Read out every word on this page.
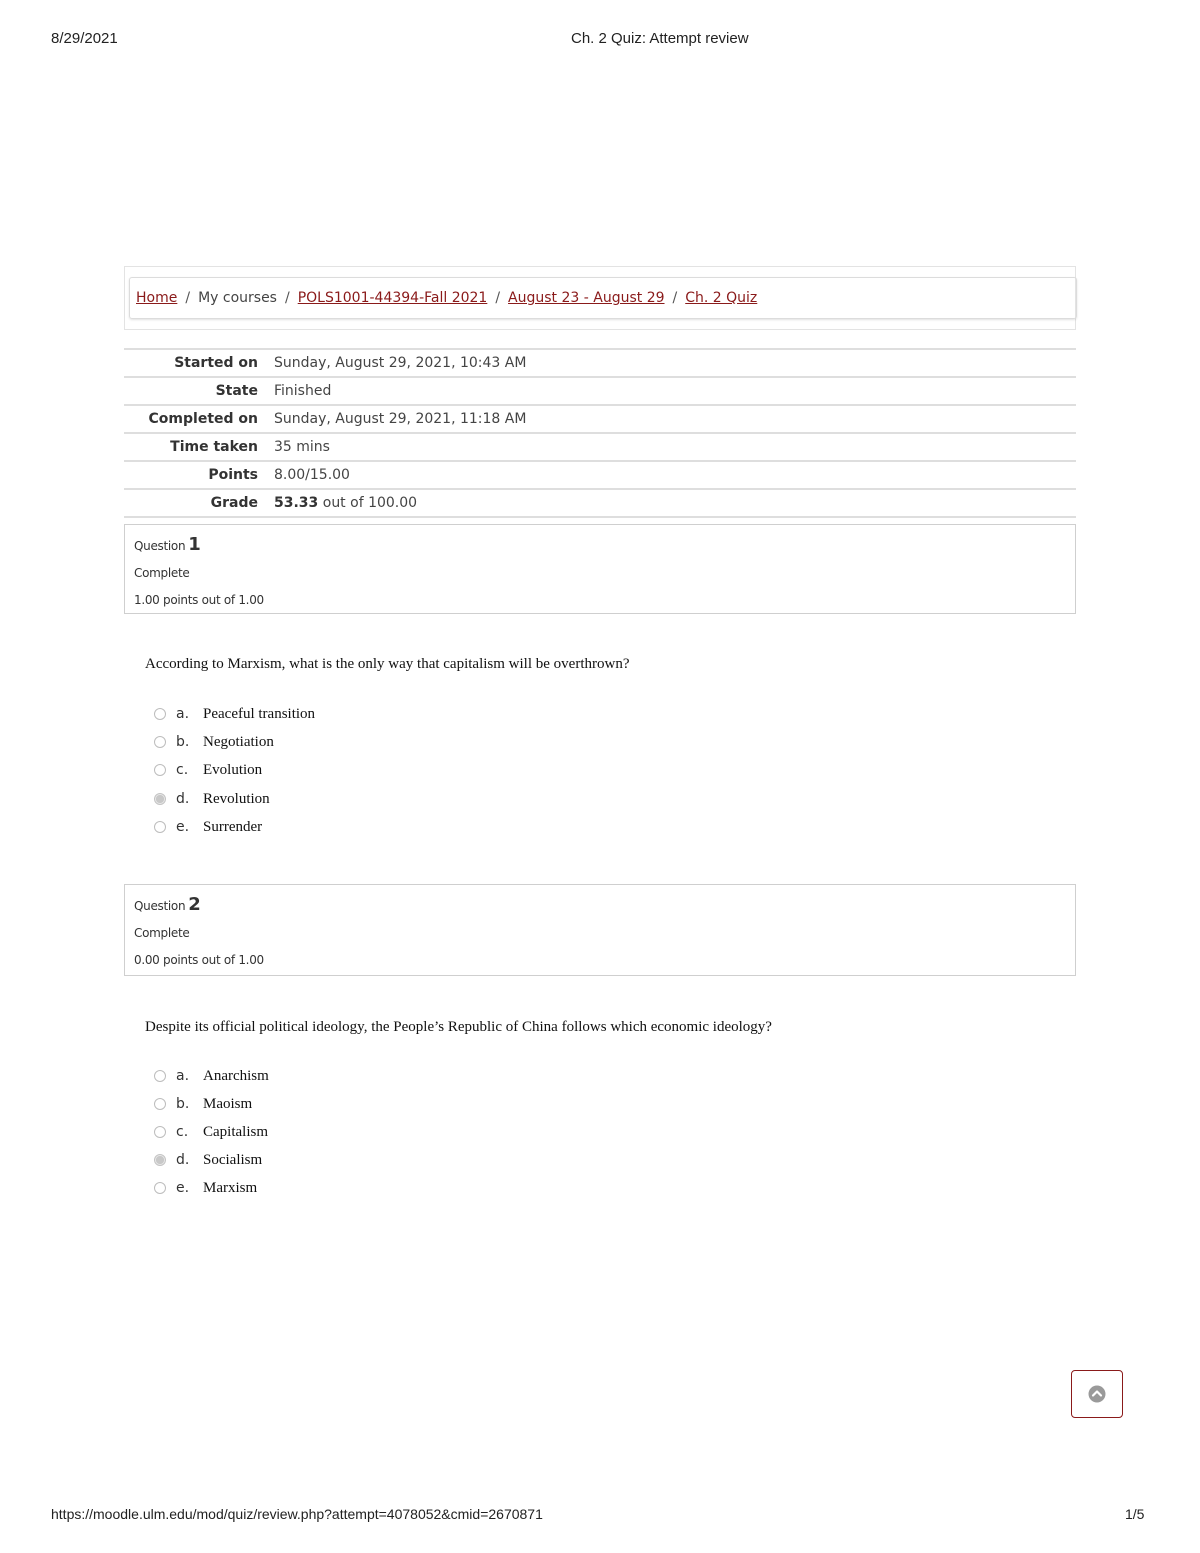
8/29/2021	Ch. 2 Quiz: Attempt review
Home / My courses / POLS1001-44394-Fall 2021 / August 23 - August 29 / Ch. 2 Quiz
Started on	Sunday, August 29, 2021, 10:43 AM
State	Finished
Completed on	Sunday, August 29, 2021, 11:18 AM
Time taken	35 mins
Points	8.00/15.00
Grade	53.33 out of 100.00
Question 1
Complete
1.00 points out of 1.00
According to Marxism, what is the only way that capitalism will be overthrown?
a. Peaceful transition
b. Negotiation
c. Evolution
d. Revolution
e. Surrender
Question 2
Complete
0.00 points out of 1.00
Despite its official political ideology, the People’s Republic of China follows which economic ideology?
a. Anarchism
b. Maoism
c. Capitalism
d. Socialism
e. Marxism
https://moodle.ulm.edu/mod/quiz/review.php?attempt=4078052&cmid=2670871	1/5
